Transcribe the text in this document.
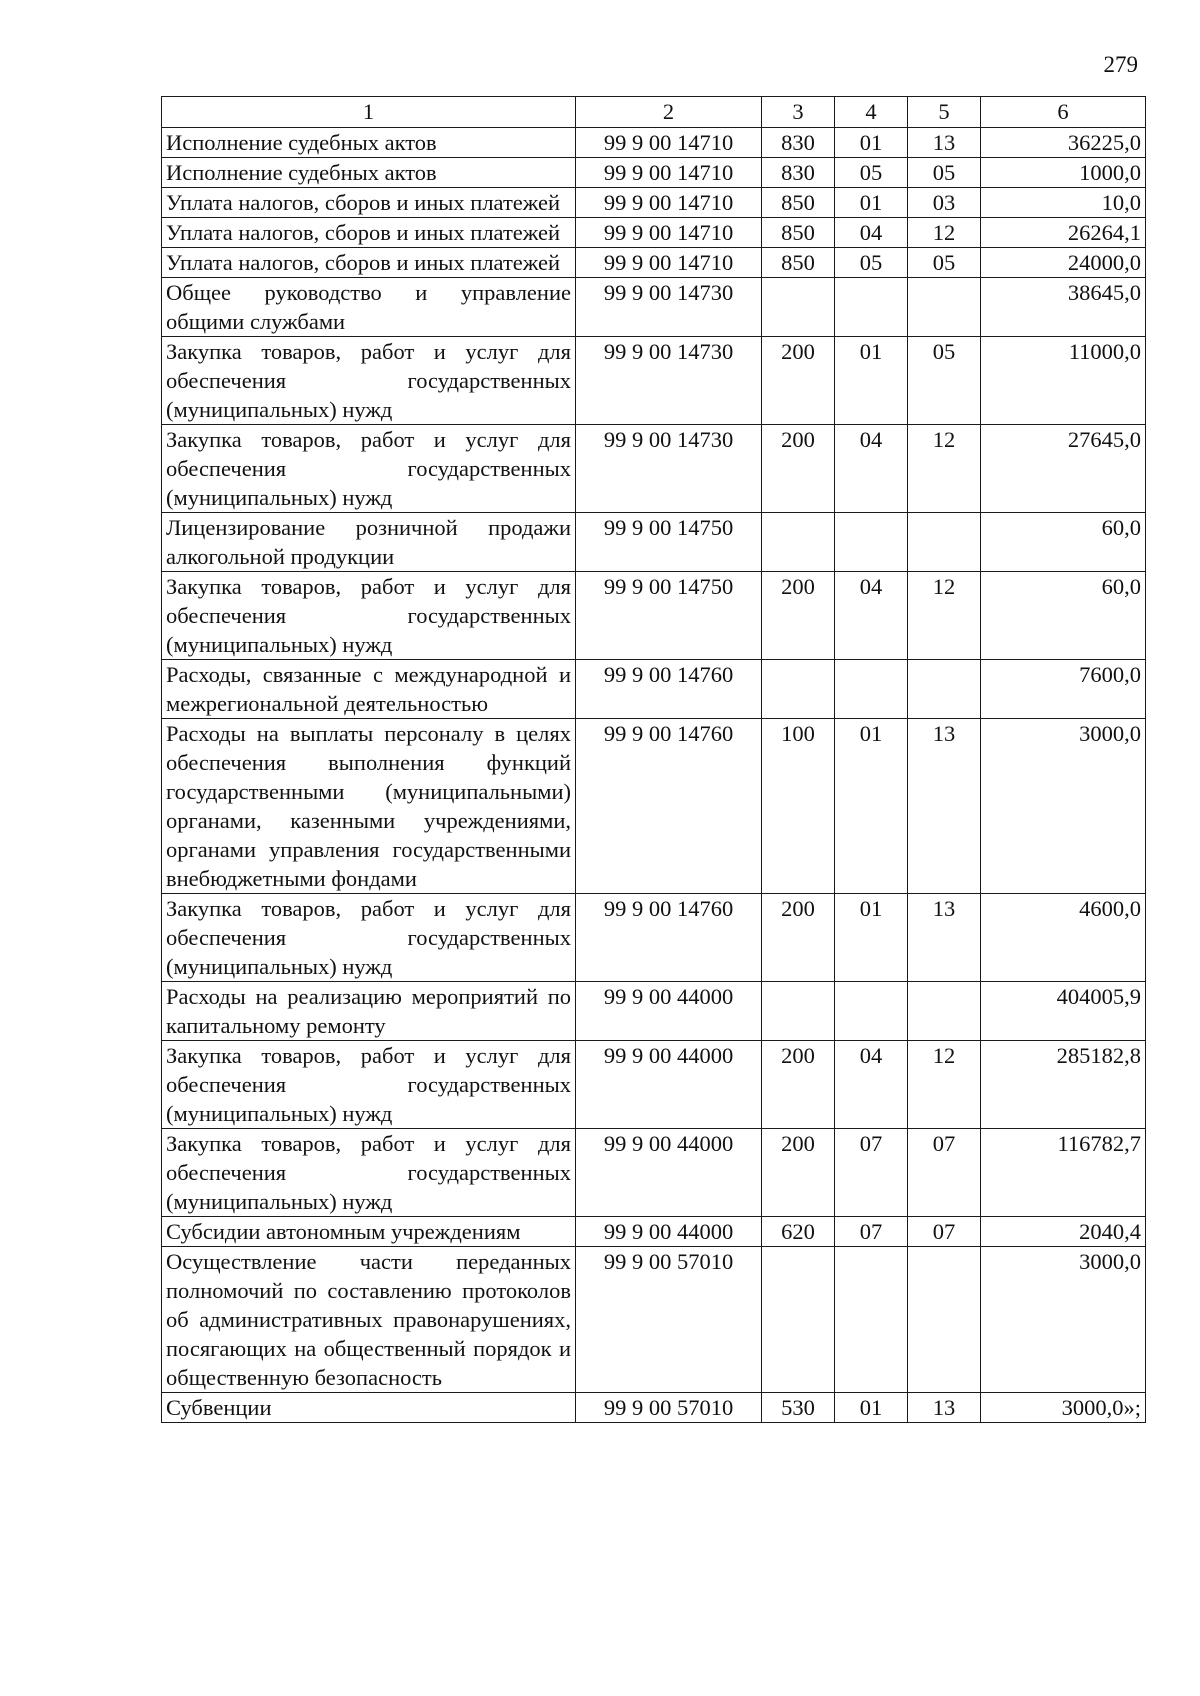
279
1	2	3	4	5	6
Исполнение судебных актов	99 9 00 14710	830	01	13	36225,0
Исполнение судебных актов	99 9 00 14710	830	05	05	1000,0
Уплата налогов, сборов и иных платежей	99 9 00 14710	850	01	03	10,0
Уплата налогов, сборов и иных платежей	99 9 00 14710	850	04	12	26264,1
Уплата налогов, сборов и иных платежей	99 9 00 14710	850	05	05	24000,0
Общее руководство и управление общими службами	99 9 00 14730				38645,0
Закупка товаров, работ и услуг для обеспечения государственных (муниципальных) нужд	99 9 00 14730	200	01	05	11000,0
Закупка товаров, работ и услуг для обеспечения государственных (муниципальных) нужд	99 9 00 14730	200	04	12	27645,0
Лицензирование розничной продажи алкогольной продукции	99 9 00 14750				60,0
Закупка товаров, работ и услуг для обеспечения государственных (муниципальных) нужд	99 9 00 14750	200	04	12	60,0
Расходы, связанные с международной и межрегиональной деятельностью	99 9 00 14760				7600,0
Расходы на выплаты персоналу в целях обеспечения выполнения функций государственными (муниципальными) органами, казенными учреждениями, органами управления государственными внебюджетными фондами	99 9 00 14760	100	01	13	3000,0
Закупка товаров, работ и услуг для обеспечения государственных (муниципальных) нужд	99 9 00 14760	200	01	13	4600,0
Расходы на реализацию мероприятий по капитальному ремонту	99 9 00 44000				404005,9
Закупка товаров, работ и услуг для обеспечения государственных (муниципальных) нужд	99 9 00 44000	200	04	12	285182,8
Закупка товаров, работ и услуг для обеспечения государственных (муниципальных) нужд	99 9 00 44000	200	07	07	116782,7
Субсидии автономным учреждениям	99 9 00 44000	620	07	07	2040,4
Осуществление части переданных полномочий по составлению протоколов об административных правонарушениях, посягающих на общественный порядок и общественную безопасность	99 9 00 57010				3000,0
Субвенции	99 9 00 57010	530	01	13	3000,0»;
